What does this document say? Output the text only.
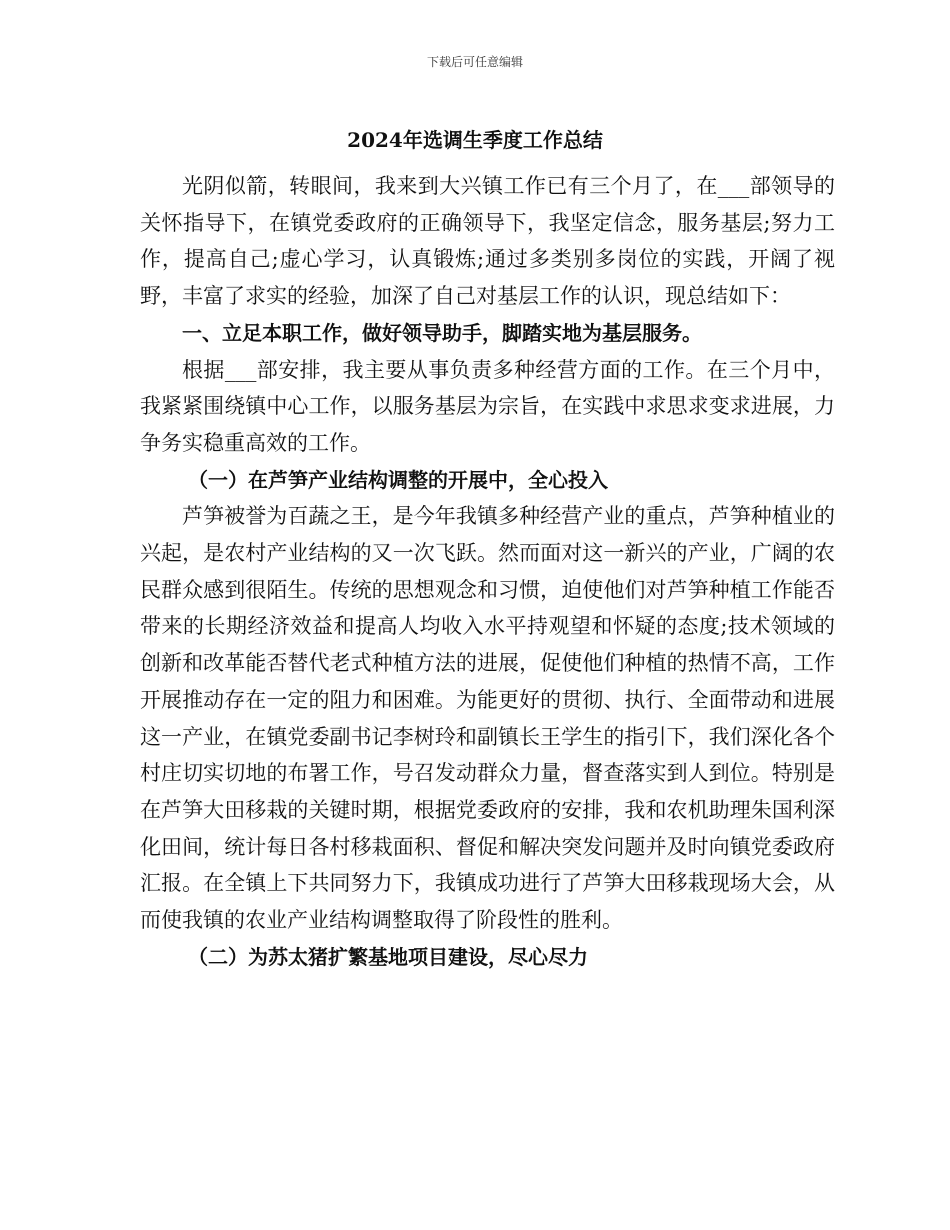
下载后可任意编辑
2024年选调生季度工作总结

光阴似箭，转眼间，我来到大兴镇工作已有三个月了，在___部领导的关怀指导下，在镇党委政府的正确领导下，我坚定信念，服务基层;努力工作，提高自己;虚心学习，认真锻炼;通过多类别多岗位的实践，开阔了视野，丰富了求实的经验，加深了自己对基层工作的认识，现总结如下：

一、立足本职工作，做好领导助手，脚踏实地为基层服务。

根据___部安排，我主要从事负责多种经营方面的工作。在三个月中，我紧紧围绕镇中心工作，以服务基层为宗旨，在实践中求思求变求进展，力争务实稳重高效的工作。

（一）在芦笋产业结构调整的开展中，全心投入

芦笋被誉为百蔬之王，是今年我镇多种经营产业的重点，芦笋种植业的兴起，是农村产业结构的又一次飞跃。然而面对这一新兴的产业，广阔的农民群众感到很陌生。传统的思想观念和习惯，迫使他们对芦笋种植工作能否带来的长期经济效益和提高人均收入水平持观望和怀疑的态度;技术领域的创新和改革能否替代老式种植方法的进展，促使他们种植的热情不高，工作开展推动存在一定的阻力和困难。为能更好的贯彻、执行、全面带动和进展这一产业，在镇党委副书记李树玲和副镇长王学生的指引下，我们深化各个村庄切实切地的布署工作，号召发动群众力量，督查落实到人到位。特别是在芦笋大田移栽的关键时期，根据党委政府的安排，我和农机助理朱国利深化田间，统计每日各村移栽面积、督促和解决突发问题并及时向镇党委政府汇报。在全镇上下共同努力下，我镇成功进行了芦笋大田移栽现场大会，从而使我镇的农业产业结构调整取得了阶段性的胜利。

（二）为苏太猪扩繁基地项目建设，尽心尽力
